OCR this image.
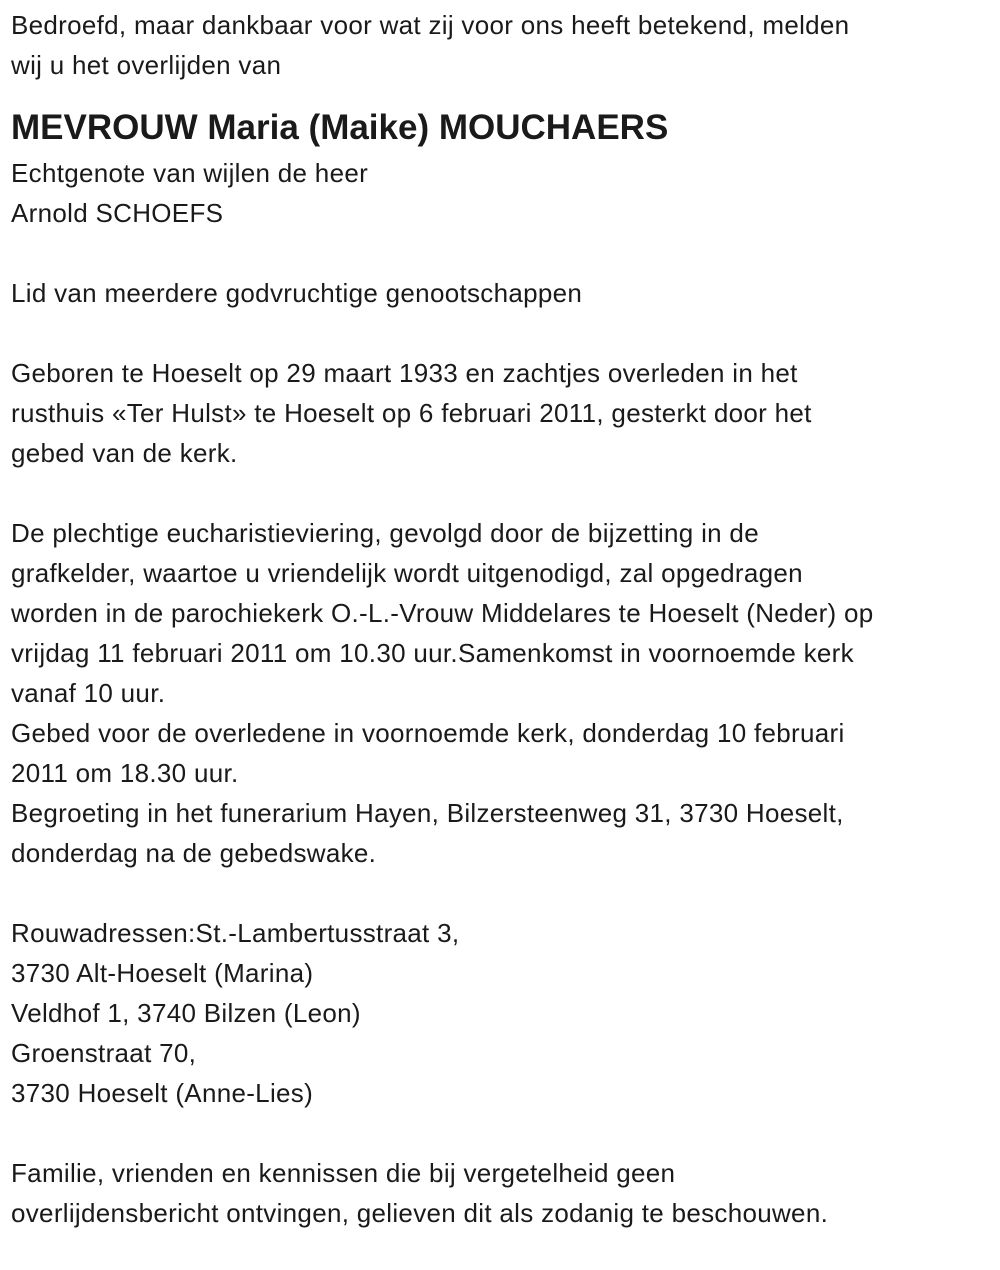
Bedroefd, maar dankbaar voor wat zij voor ons heeft betekend, melden
wij u het overlijden van
MEVROUW Maria (Maike) MOUCHAERS
Echtgenote van wijlen de heer
Arnold SCHOEFS
Lid van meerdere godvruchtige genootschappen
Geboren te Hoeselt op 29 maart 1933 en zachtjes overleden in het
rusthuis «Ter Hulst» te Hoeselt op 6 februari 2011, gesterkt door het
gebed van de kerk.
De plechtige eucharistieviering, gevolgd door de bijzetting in de
grafkelder, waartoe u vriendelijk wordt uitgenodigd, zal opgedragen
worden in de parochiekerk O.-L.-Vrouw Middelares te Hoeselt (Neder) op
vrijdag 11 februari 2011 om 10.30 uur.Samenkomst in voornoemde kerk
vanaf 10 uur.
Gebed voor de overledene in voornoemde kerk, donderdag 10 februari
2011 om 18.30 uur.
Begroeting in het funerarium Hayen, Bilzersteenweg 31, 3730 Hoeselt,
donderdag na de gebedswake.
Rouwadressen:St.-Lambertusstraat 3,
3730 Alt-Hoeselt (Marina)
Veldhof 1, 3740 Bilzen (Leon)
Groenstraat 70,
3730 Hoeselt (Anne-Lies)
Familie, vrienden en kennissen die bij vergetelheid geen
overlijdensbericht ontvingen, gelieven dit als zodanig te beschouwen.
